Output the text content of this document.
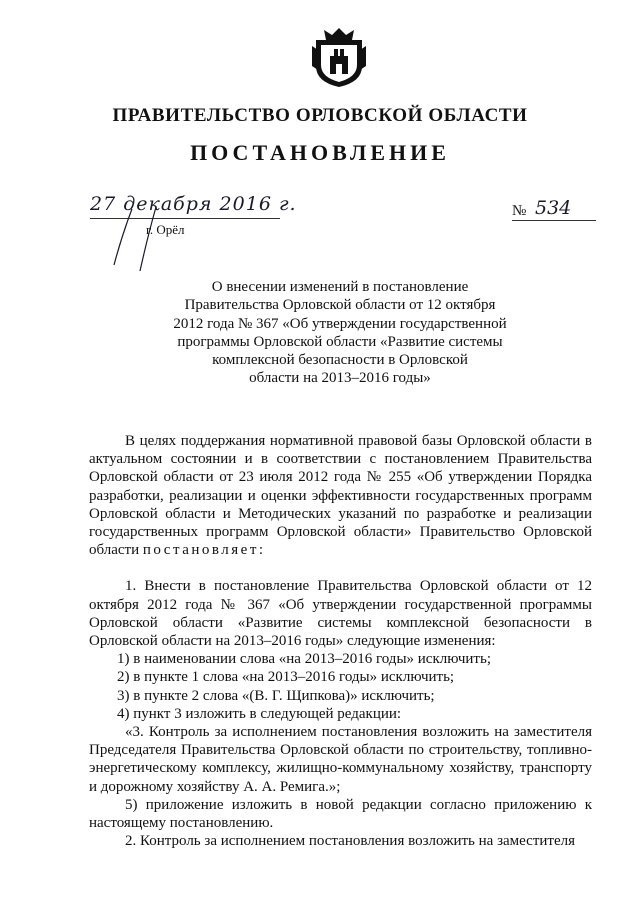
ПРАВИТЕЛЬСТВО ОРЛОВСКОЙ ОБЛАСТИ
ПОСТАНОВЛЕНИЕ
27 декабря 2016 г.
г. Орёл
№ 534
О внесении изменений в постановление
Правительства Орловской области от 12 октября
2012 года № 367 «Об утверждении государственной
программы Орловской области «Развитие системы
комплексной безопасности в Орловской
области на 2013–2016 годы»

В целях поддержания нормативной правовой базы Орловской области в актуальном состоянии и в соответствии с постановлением Правительства Орловской области от 23 июля 2012 года № 255 «Об утверждении Порядка разработки, реализации и оценки эффективности государственных программ Орловской области и Методических указаний по разработке и реализации государственных программ Орловской области» Правительство Орловской области постановляет:

1. Внести в постановление Правительства Орловской области от 12 октября 2012 года № 367 «Об утверждении государственной программы Орловской области «Развитие системы комплексной безопасности в Орловской области на 2013–2016 годы» следующие изменения:

1) в наименовании слова «на 2013–2016 годы» исключить;

2) в пункте 1 слова «на 2013–2016 годы» исключить;

3) в пункте 2 слова «(В. Г. Щипкова)» исключить;

4) пункт 3 изложить в следующей редакции:

«3. Контроль за исполнением постановления возложить на заместителя Председателя Правительства Орловской области по строительству, топливно-энергетическому комплексу, жилищно-коммунальному хозяйству, транспорту и дорожному хозяйству А. А. Ремига.»;

5) приложение изложить в новой редакции согласно приложению к настоящему постановлению.

2. Контроль за исполнением постановления возложить на заместителя
